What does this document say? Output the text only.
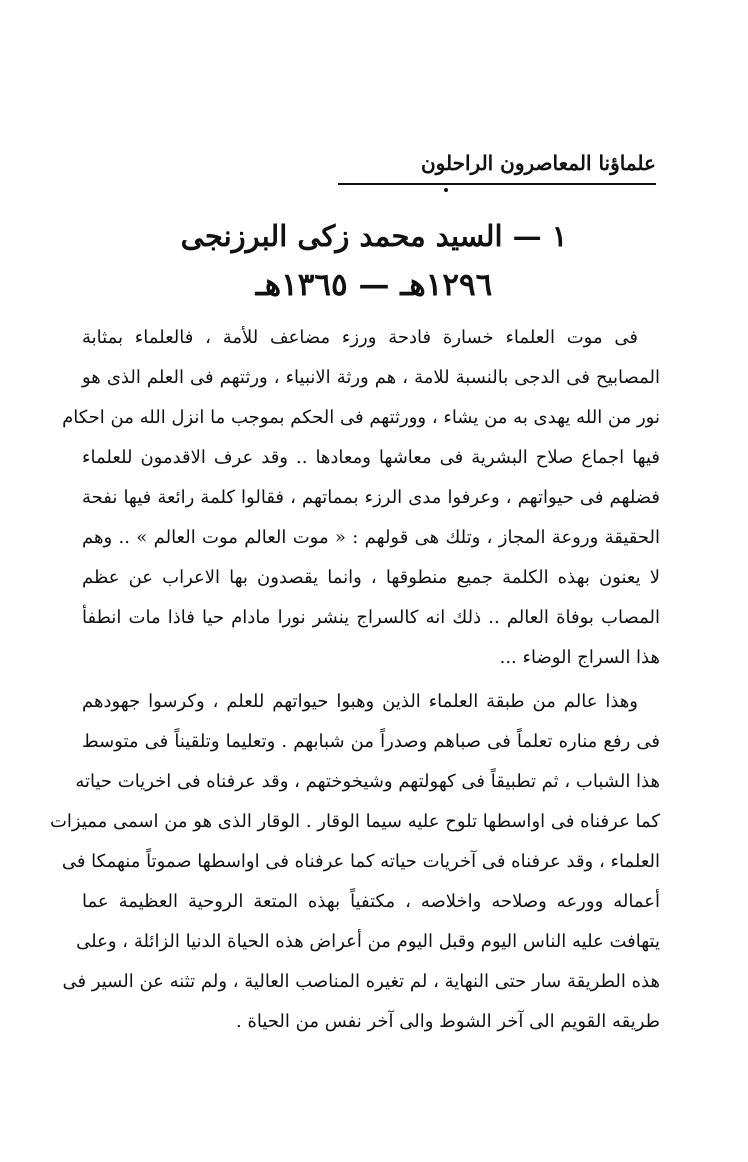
علماؤنا المعاصرون الراحلون
١ — السيد محمد زكى البرزنجى
١٢٩٦هـ — ١٣٦٥هـ
فى موت العلماء خسارة فادحة ورزء مضاعف للأمة ، فالعلماء بمثابة
المصابيح فى الدجى بالنسبة للامة ، هم ورثة الانبياء ، ورثتهم فى العلم الذى هو
نور من الله يهدى به من يشاء ، وورثتهم فى الحكم بموجب ما انزل الله من احكام
فيها اجماع صلاح البشرية فى معاشها ومعادها .. وقد عرف الاقدمون للعلماء
فضلهم فى حيواتهم ، وعرفوا مدى الرزء بمماتهم ، فقالوا كلمة رائعة فيها نفحة
الحقيقة وروعة المجاز ، وتلك هى قولهم : « موت العالم موت العالم » .. وهم
لا يعنون بهذه الكلمة جميع منطوقها ، وانما يقصدون بها الاعراب عن عظم
المصاب بوفاة العالم .. ذلك انه كالسراج ينشر نورا مادام حيا فاذا مات انطفأ
هذا السراج الوضاء ...
وهذا عالم من طبقة العلماء الذين وهبوا حيواتهم للعلم ، وكرسوا جهودهم
فى رفع مناره تعلماً فى صباهم وصدراً من شبابهم . وتعليما وتلقيناً فى متوسط
هذا الشباب ، ثم تطبيقاً فى كهولتهم وشيخوختهم ، وقد عرفناه فى اخريات حياته
كما عرفناه فى اواسطها تلوح عليه سيما الوقار . الوقار الذى هو من اسمى مميزات
العلماء ، وقد عرفناه فى آخريات حياته كما عرفناه فى اواسطها صموتاً منهمكا فى
أعماله وورعه وصلاحه واخلاصه ، مكتفياً بهذه المتعة الروحية العظيمة عما
يتهافت عليه الناس اليوم وقبل اليوم من أعراض هذه الحياة الدنيا الزائلة ، وعلى
هذه الطريقة سار حتى النهاية ، لم تغيره المناصب العالية ، ولم تثنه عن السير فى
طريقه القويم الى آخر الشوط والى آخر نفس من الحياة .
